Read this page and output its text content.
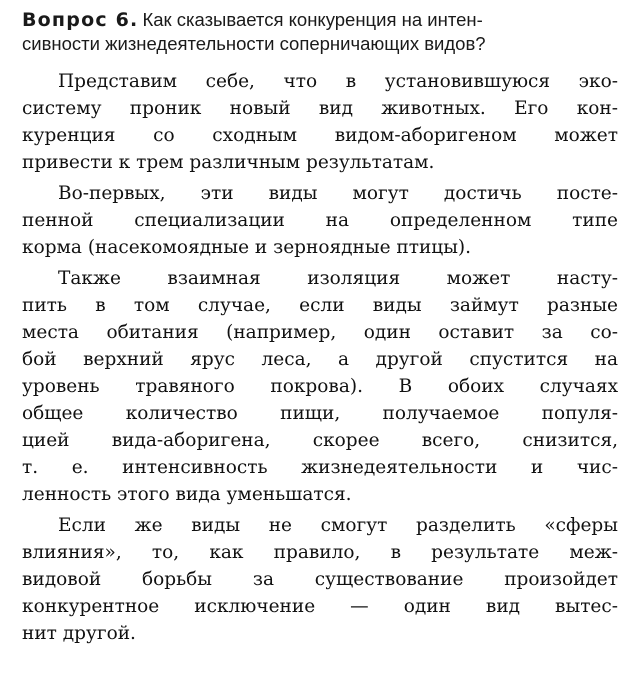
Вопрос 6. Как сказывается конкуренция на интен-
сивности жизнедеятельности соперничающих видов?
Представим себе, что в установившуюся эко-
систему проник новый вид животных. Его кон-
куренция со сходным видом-аборигеном может
привести к трем различным результатам.
Во-первых, эти виды могут достичь посте-
пенной специализации на определенном типе
корма (насекомоядные и зерноядные птицы).
Также взаимная изоляция может насту-
пить в том случае, если виды займут разные
места обитания (например, один оставит за со-
бой верхний ярус леса, а другой спустится на
уровень травяного покрова). В обоих случаях
общее количество пищи, получаемое популя-
цией вида-аборигена, скорее всего, снизится,
т. е. интенсивность жизнедеятельности и чис-
ленность этого вида уменьшатся.
Если же виды не смогут разделить «сферы
влияния», то, как правило, в результате меж-
видовой борьбы за существование произойдет
конкурентное исключение — один вид вытес-
нит другой.
